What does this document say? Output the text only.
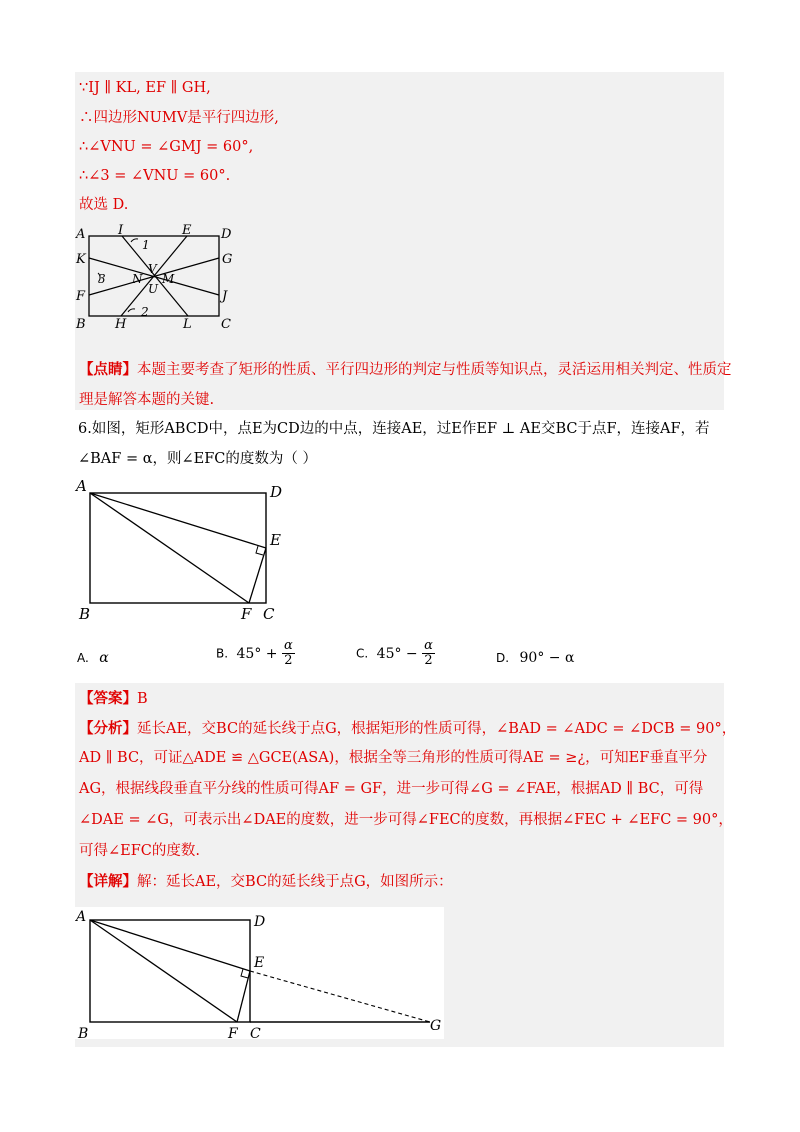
∵IJ ∥ KL, EF ∥ GH,
∴四边形NUMV是平行四边形,
∴∠VNU = ∠GMJ = 60°,
∴∠3 = ∠VNU = 60°.
故选 D.
A	I	E D
K	G
F	J
B H	L C
N
V
M
U
1
2
3
【点睛】本题主要考查了矩形的性质、平行四边形的判定与性质等知识点，灵活运用相关判定、性质定
理是解答本题的关键.
6.如图，矩形ABCD中，点E为CD边的中点，连接AE，过E作EF ⊥ AE交BC于点F，连接AF，若
∠BAF = α，则∠EFC的度数为（ ）
A	D
E
B	F C
A. α	B. $45^\circ + \frac{\alpha}{2}$	C. $45^\circ - \frac{\alpha}{2}$	D. 90° − α
【答案】B
【分析】延长AE，交BC的延长线于点G，根据矩形的性质可得，∠BAD = ∠ADC = ∠DCB = 90°，
AD ∥ BC，可证△ADE ≌ △GCE(ASA)，根据全等三角形的性质可得AE = ≥¿，可知EF垂直平分
AG，根据线段垂直平分线的性质可得AF = GF，进一步可得∠G = ∠FAE，根据AD ∥ BC，可得
∠DAE = ∠G，可表示出∠DAE的度数，进一步可得∠FEC的度数，再根据∠FEC + ∠EFC = 90°，
可得∠EFC的度数.
【详解】解：延长AE，交BC的延长线于点G，如图所示：
A	D
E
B	F C	G
